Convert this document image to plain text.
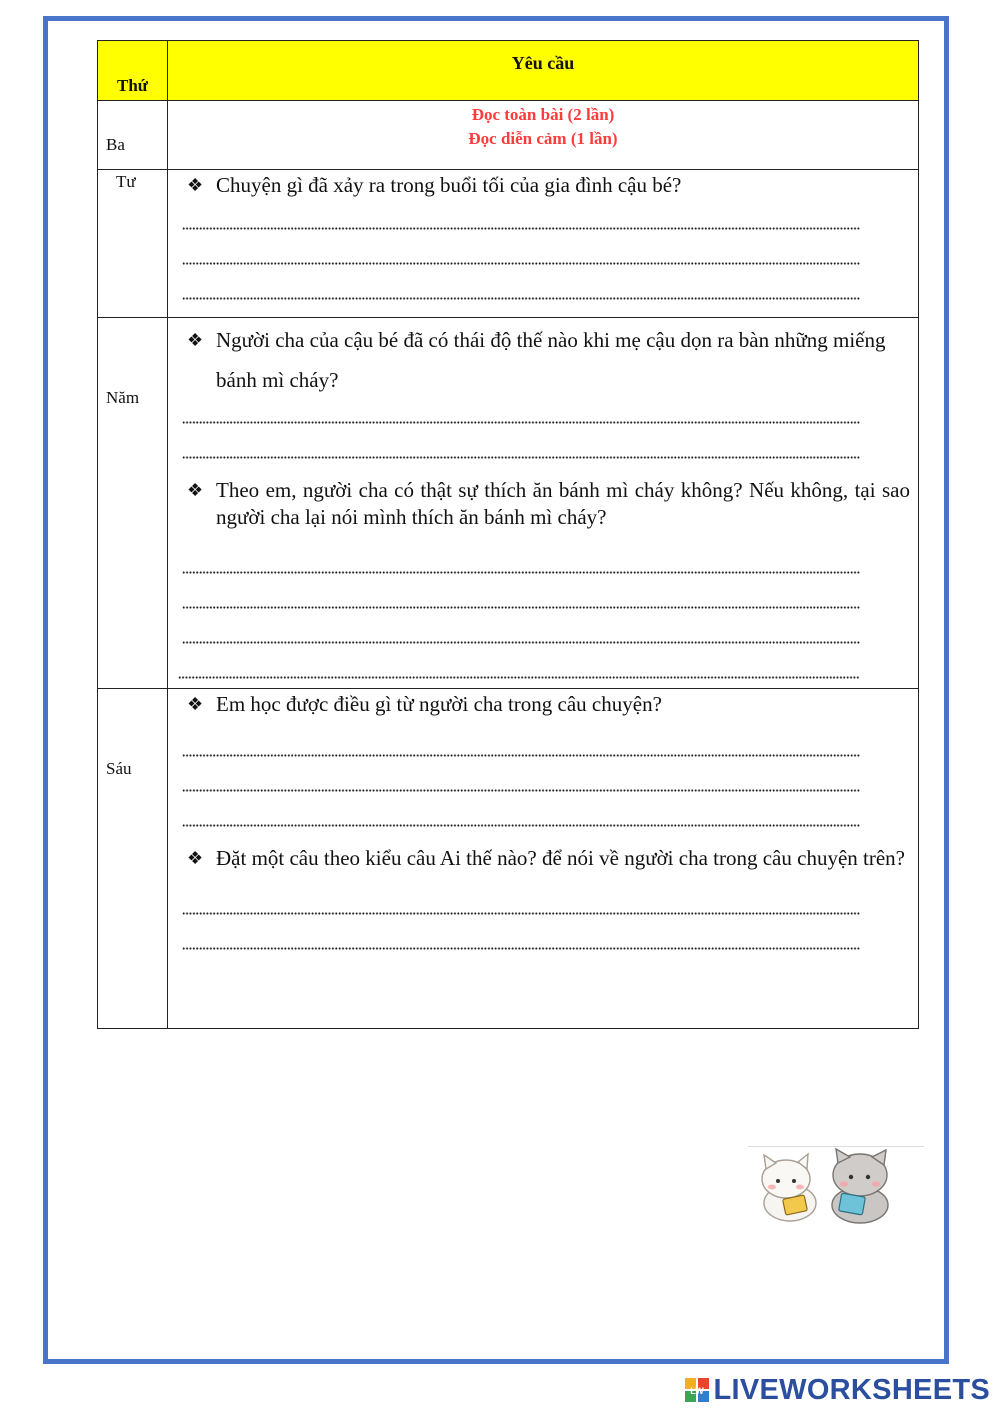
Thứ	Yêu cầu
Ba	Đọc toàn bài (2 lần)
Đọc diễn cảm (1 lần)

Tư	❖ Chuyện gì đã xảy ra trong buổi tối của gia đình cậu bé?

Năm	❖ Người cha của cậu bé đã có thái độ thế nào khi mẹ cậu dọn ra bàn những miếng bánh mì cháy?
❖ Theo em, người cha có thật sự thích ăn bánh mì cháy không? Nếu không, tại sao người cha lại nói mình thích ăn bánh mì cháy?

Sáu	❖ Em học được điều gì từ người cha trong câu chuyện?
❖ Đặt một câu theo kiểu câu Ai thế nào? để nói về người cha trong câu chuyện trên?
LW LIVEWORKSHEETS
